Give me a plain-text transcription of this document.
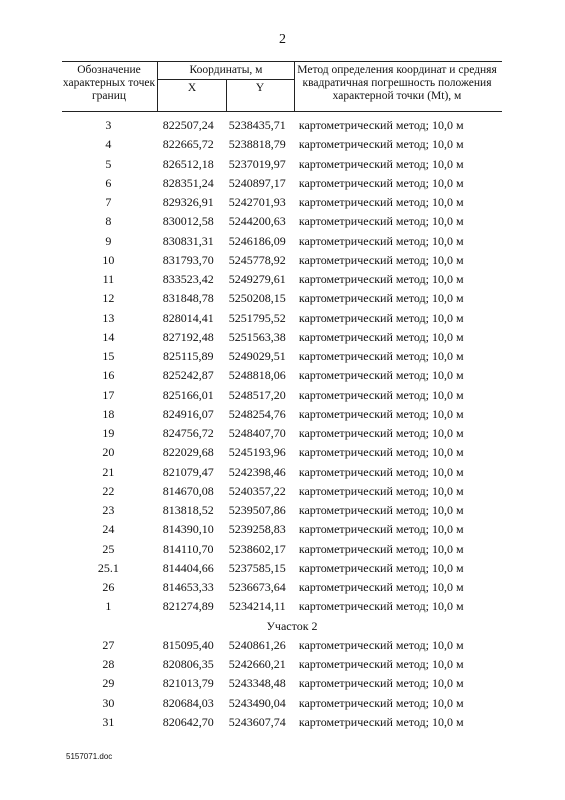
2
Обозначение характерных точек границ
Координаты, м
X	Y
Метод определения координат и средняя квадратичная погрешность положения характерной точки (Mt), м
3	822507,24	5238435,71	картометрический метод; 10,0 м
4	822665,72	5238818,79	картометрический метод; 10,0 м
5	826512,18	5237019,97	картометрический метод; 10,0 м
6	828351,24	5240897,17	картометрический метод; 10,0 м
7	829326,91	5242701,93	картометрический метод; 10,0 м
8	830012,58	5244200,63	картометрический метод; 10,0 м
9	830831,31	5246186,09	картометрический метод; 10,0 м
10	831793,70	5245778,92	картометрический метод; 10,0 м
11	833523,42	5249279,61	картометрический метод; 10,0 м
12	831848,78	5250208,15	картометрический метод; 10,0 м
13	828014,41	5251795,52	картометрический метод; 10,0 м
14	827192,48	5251563,38	картометрический метод; 10,0 м
15	825115,89	5249029,51	картометрический метод; 10,0 м
16	825242,87	5248818,06	картометрический метод; 10,0 м
17	825166,01	5248517,20	картометрический метод; 10,0 м
18	824916,07	5248254,76	картометрический метод; 10,0 м
19	824756,72	5248407,70	картометрический метод; 10,0 м
20	822029,68	5245193,96	картометрический метод; 10,0 м
21	821079,47	5242398,46	картометрический метод; 10,0 м
22	814670,08	5240357,22	картометрический метод; 10,0 м
23	813818,52	5239507,86	картометрический метод; 10,0 м
24	814390,10	5239258,83	картометрический метод; 10,0 м
25	814110,70	5238602,17	картометрический метод; 10,0 м
25.1	814404,66	5237585,15	картометрический метод; 10,0 м
26	814653,33	5236673,64	картометрический метод; 10,0 м
1	821274,89	5234214,11	картометрический метод; 10,0 м
Участок 2
27	815095,40	5240861,26	картометрический метод; 10,0 м
28	820806,35	5242660,21	картометрический метод; 10,0 м
29	821013,79	5243348,48	картометрический метод; 10,0 м
30	820684,03	5243490,04	картометрический метод; 10,0 м
31	820642,70	5243607,74	картометрический метод; 10,0 м
5157071.doc
